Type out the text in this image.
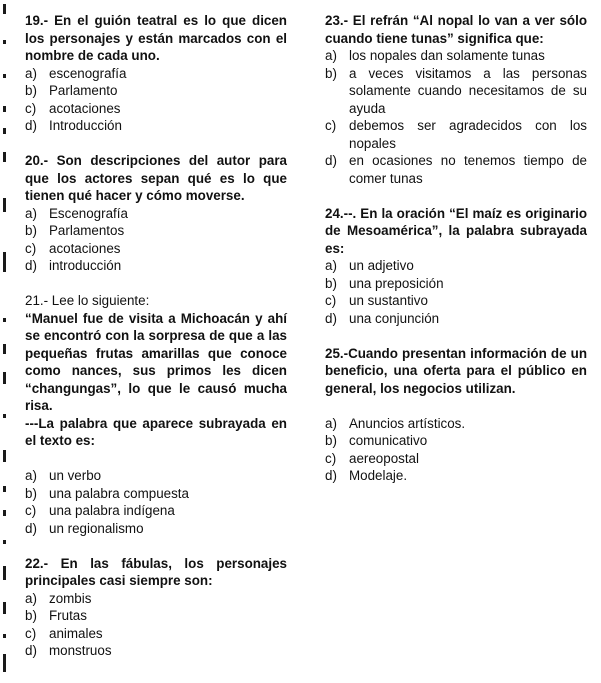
19.- En el guión teatral es lo que dicen los personajes y están marcados con el nombre de cada uno.
a) escenografía
b) Parlamento
c) acotaciones
d) Introducción
20.- Son descripciones del autor para que los actores sepan qué es lo que tienen qué hacer y cómo moverse.
a) Escenografía
b) Parlamentos
c) acotaciones
d) introducción
21.- Lee lo siguiente:
“Manuel fue de visita a Michoacán y ahí se encontró con la sorpresa de que a las pequeñas frutas amarillas que conoce como nances, sus primos les dicen “changungas”, lo que le causó mucha risa.
---La palabra que aparece subrayada en el texto es:
a) un verbo
b) una palabra compuesta
c) una palabra indígena
d) un regionalismo
22.- En las fábulas, los personajes principales casi siempre son:
a) zombis
b) Frutas
c) animales
d) monstruos
23.- El refrán “Al nopal lo van a ver sólo cuando tiene tunas” significa que:
a) los nopales dan solamente tunas
b) a veces visitamos a las personas solamente cuando necesitamos de su ayuda
c) debemos ser agradecidos con los nopales
d) en ocasiones no tenemos tiempo de comer tunas
24.--. En la oración “El maíz es originario de Mesoamérica”, la palabra subrayada es:
a) un adjetivo
b) una preposición
c) un sustantivo
d) una conjunción
25.-Cuando presentan información de un beneficio, una oferta para el público en general, los negocios utilizan.
a) Anuncios artísticos.
b) comunicativo
c) aereopostal
d) Modelaje.
